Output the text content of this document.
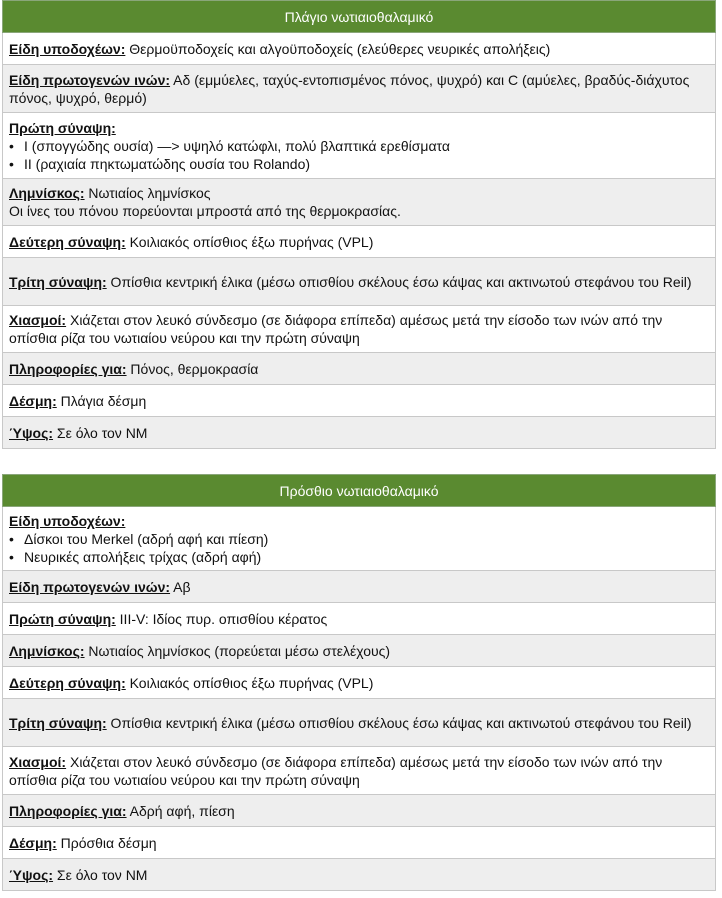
Πλάγιο νωτιαιοθαλαμικό
Είδη υποδοχέων: Θερμοϋποδοχείς και αλγοϋποδοχείς (ελεύθερες νευρικές απολήξεις)
Είδη πρωτογενών ινών: Αδ (εμμύελες, ταχύς-εντοπισμένος πόνος, ψυχρό) και C (αμύελες, βραδύς-διάχυτος πόνος, ψυχρό, θερμό)
Πρώτη σύναψη:
• I (σπογγώδης ουσία) —> υψηλό κατώφλι, πολύ βλαπτικά ερεθίσματα
• II (ραχιαία πηκτωματώδης ουσία του Rolando)

Λημνίσκος: Νωτιαίος λημνίσκος
Οι ίνες του πόνου πορεύονται μπροστά από της θερμοκρασίας.
Δεύτερη σύναψη: Κοιλιακός οπίσθιος έξω πυρήνας (VPL)
Τρίτη σύναψη: Οπίσθια κεντρική έλικα (μέσω οπισθίου σκέλους έσω κάψας και ακτινωτού στεφάνου του Reil)
Χιασμοί: Χιάζεται στον λευκό σύνδεσμο (σε διάφορα επίπεδα) αμέσως μετά την είσοδο των ινών από την οπίσθια ρίζα του νωτιαίου νεύρου και την πρώτη σύναψη
Πληροφορίες για: Πόνος, θερμοκρασία
Δέσμη: Πλάγια δέσμη
Ύψος: Σε όλο τον ΝΜ
Πρόσθιο νωτιαιοθαλαμικό
Είδη υποδοχέων:
• Δίσκοι του Merkel (αδρή αφή και πίεση)
• Νευρικές απολήξεις τρίχας (αδρή αφή)

Είδη πρωτογενών ινών: Αβ
Πρώτη σύναψη: III-V: Ιδίος πυρ. οπισθίου κέρατος
Λημνίσκος: Νωτιαίος λημνίσκος (πορεύεται μέσω στελέχους)
Δεύτερη σύναψη: Κοιλιακός οπίσθιος έξω πυρήνας (VPL)
Τρίτη σύναψη: Οπίσθια κεντρική έλικα (μέσω οπισθίου σκέλους έσω κάψας και ακτινωτού στεφάνου του Reil)
Χιασμοί: Χιάζεται στον λευκό σύνδεσμο (σε διάφορα επίπεδα) αμέσως μετά την είσοδο των ινών από την οπίσθια ρίζα του νωτιαίου νεύρου και την πρώτη σύναψη
Πληροφορίες για: Αδρή αφή, πίεση
Δέσμη: Πρόσθια δέσμη
Ύψος: Σε όλο τον ΝΜ
